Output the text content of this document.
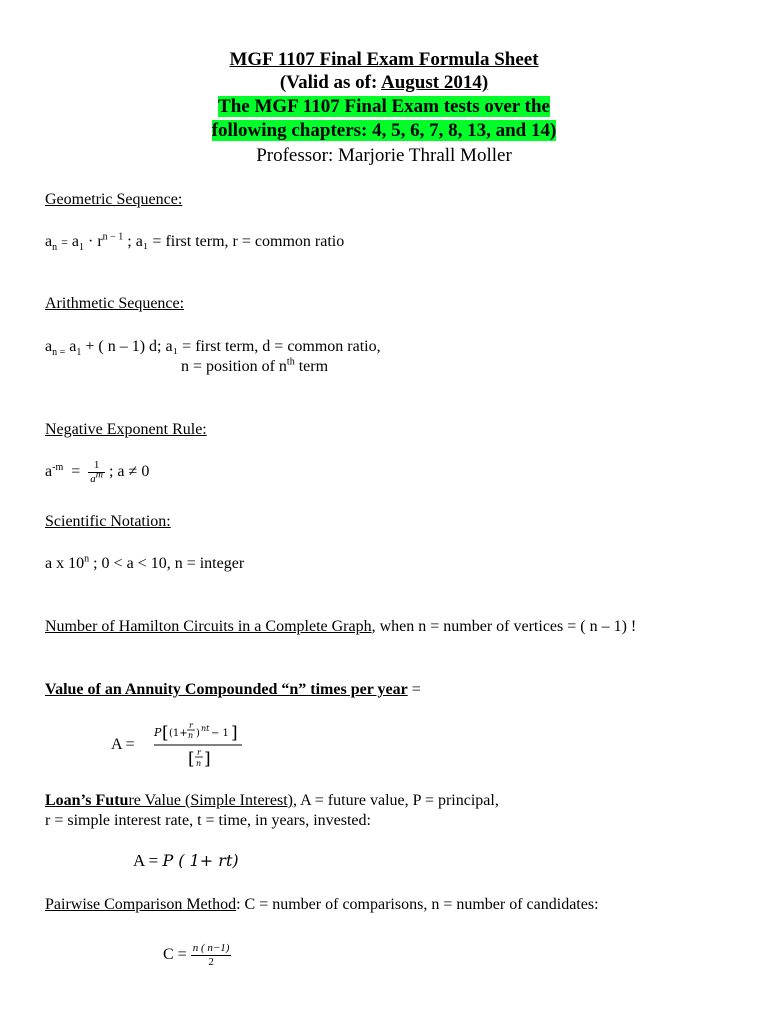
MGF 1107 Final Exam Formula Sheet
(Valid as of: August 2014)
The MGF 1107 Final Exam tests over the
following chapters: 4, 5, 6, 7, 8, 13, and 14)
Professor: Marjorie Thrall Moller
Geometric Sequence:
$a_n = a_1 \cdot r^{n - 1}$ ; a₁ = first term, r = common ratio
Arithmetic Sequence:
$a_{n =}$ $a_1$ + ( n – 1) d; a₁ = first term, d = common ratio,
n = position of $n^{th}$ term
Negative Exponent Rule:
$a^{-m} = \frac{1}{a^m}$ ; a ≠ 0
Scientific Notation:
a x 10$^n$ ; 0 < a < 10, n = integer
Number of Hamilton Circuits in a Complete Graph, when n = number of vertices = ( n – 1) !
Value of an Annuity Compounded “n” times per year =
A =
P [ (1+
r
n ) nt − 1 ]
[ r
n ]
Loan’s Future Value (Simple Interest), A = future value, P = principal,
r = simple interest rate, t = time, in years, invested:
A = P ( 1+ rt)
Pairwise Comparison Method: C = number of comparisons, n = number of candidates:
$C = \frac{n ( n-1)}{2}$
